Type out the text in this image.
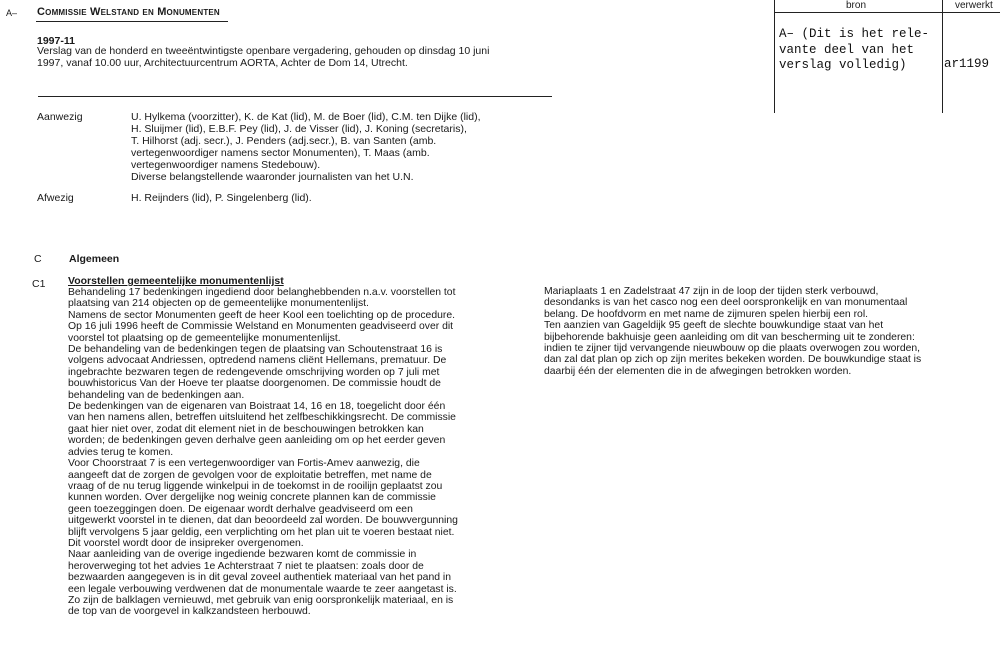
A– Commissie Welstand en Monumenten
1997-11
Verslag van de honderd en tweeëntwintigste openbare vergadering, gehouden op dinsdag 10 juni
1997, vanaf 10.00 uur, Architectuurcentrum AORTA, Achter de Dom 14, Utrecht.
bron	verwerkt
A– (Dit is het rele-
vante deel van het
verslag volledig)	ar1199
Aanwezig	U. Hylkema (voorzitter), K. de Kat (lid), M. de Boer (lid), C.M. ten Dijke (lid),
H. Sluijmer (lid), E.B.F. Pey (lid), J. de Visser (lid), J. Koning (secretaris),
T. Hilhorst (adj. secr.), J. Penders (adj.secr.), B. van Santen (amb.
vertegenwoordiger namens sector Monumenten), T. Maas (amb.
vertegenwoordiger namens Stedebouw).
Diverse belangstellende waaronder journalisten van het U.N.
Afwezig	H. Reijnders (lid), P. Singelenberg (lid).
C	Algemeen
C1 Voorstellen gemeentelijke monumentenlijst
Behandeling 17 bedenkingen ingediend door belanghebbenden n.a.v. voorstellen tot
plaatsing van 214 objecten op de gemeentelijke monumentenlijst.
Namens de sector Monumenten geeft de heer Kool een toelichting op de procedure.
Op 16 juli 1996 heeft de Commissie Welstand en Monumenten geadviseerd over dit
voorstel tot plaatsing op de gemeentelijke monumentenlijst.
De behandeling van de bedenkingen tegen de plaatsing van Schoutenstraat 16 is
volgens advocaat Andriessen, optredend namens cliënt Hellemans, prematuur. De
ingebrachte bezwaren tegen de redengevende omschrijving worden op 7 juli met
bouwhistoricus Van der Hoeve ter plaatse doorgenomen. De commissie houdt de
behandeling van de bedenkingen aan.
De bedenkingen van de eigenaren van Boistraat 14, 16 en 18, toegelicht door één
van hen namens allen, betreffen uitsluitend het zelfbeschikkingsrecht. De commissie
gaat hier niet over, zodat dit element niet in de beschouwingen betrokken kan
worden; de bedenkingen geven derhalve geen aanleiding om op het eerder geven
advies terug te komen.
Voor Choorstraat 7 is een vertegenwoordiger van Fortis-Amev aanwezig, die
aangeeft dat de zorgen de gevolgen voor de exploitatie betreffen, met name de
vraag of de nu terug liggende winkelpui in de toekomst in de rooilijn geplaatst zou
kunnen worden. Over dergelijke nog weinig concrete plannen kan de commissie
geen toezeggingen doen. De eigenaar wordt derhalve geadviseerd om een
uitgewerkt voorstel in te dienen, dat dan beoordeeld zal worden. De bouwvergunning
blijft vervolgens 5 jaar geldig, een verplichting om het plan uit te voeren bestaat niet.
Dit voorstel wordt door de insipreker overgenomen.
Naar aanleiding van de overige ingediende bezwaren komt de commissie in
heroverweging tot het advies 1e Achterstraat 7 niet te plaatsen: zoals door de
bezwaarden aangegeven is in dit geval zoveel authentiek materiaal van het pand in
een legale verbouwing verdwenen dat de monumentale waarde te zeer aangetast is.
Zo zijn de balklagen vernieuwd, met gebruik van enig oorspronkelijk materiaal, en is
de top van de voorgevel in kalkzandsteen herbouwd.
Mariaplaats 1 en Zadelstraat 47 zijn in de loop der tijden sterk verbouwd,
desondanks is van het casco nog een deel oorspronkelijk en van monumentaal
belang. De hoofdvorm en met name de zijmuren spelen hierbij een rol.
Ten aanzien van Gageldijk 95 geeft de slechte bouwkundige staat van het
bijbehorende bakhuisje geen aanleiding om dit van bescherming uit te zonderen:
indien te zijner tijd vervangende nieuwbouw op die plaats overwogen zou worden,
dan zal dat plan op zich op zijn merites bekeken worden. De bouwkundige staat is
daarbij één der elementen die in de afwegingen betrokken worden.
